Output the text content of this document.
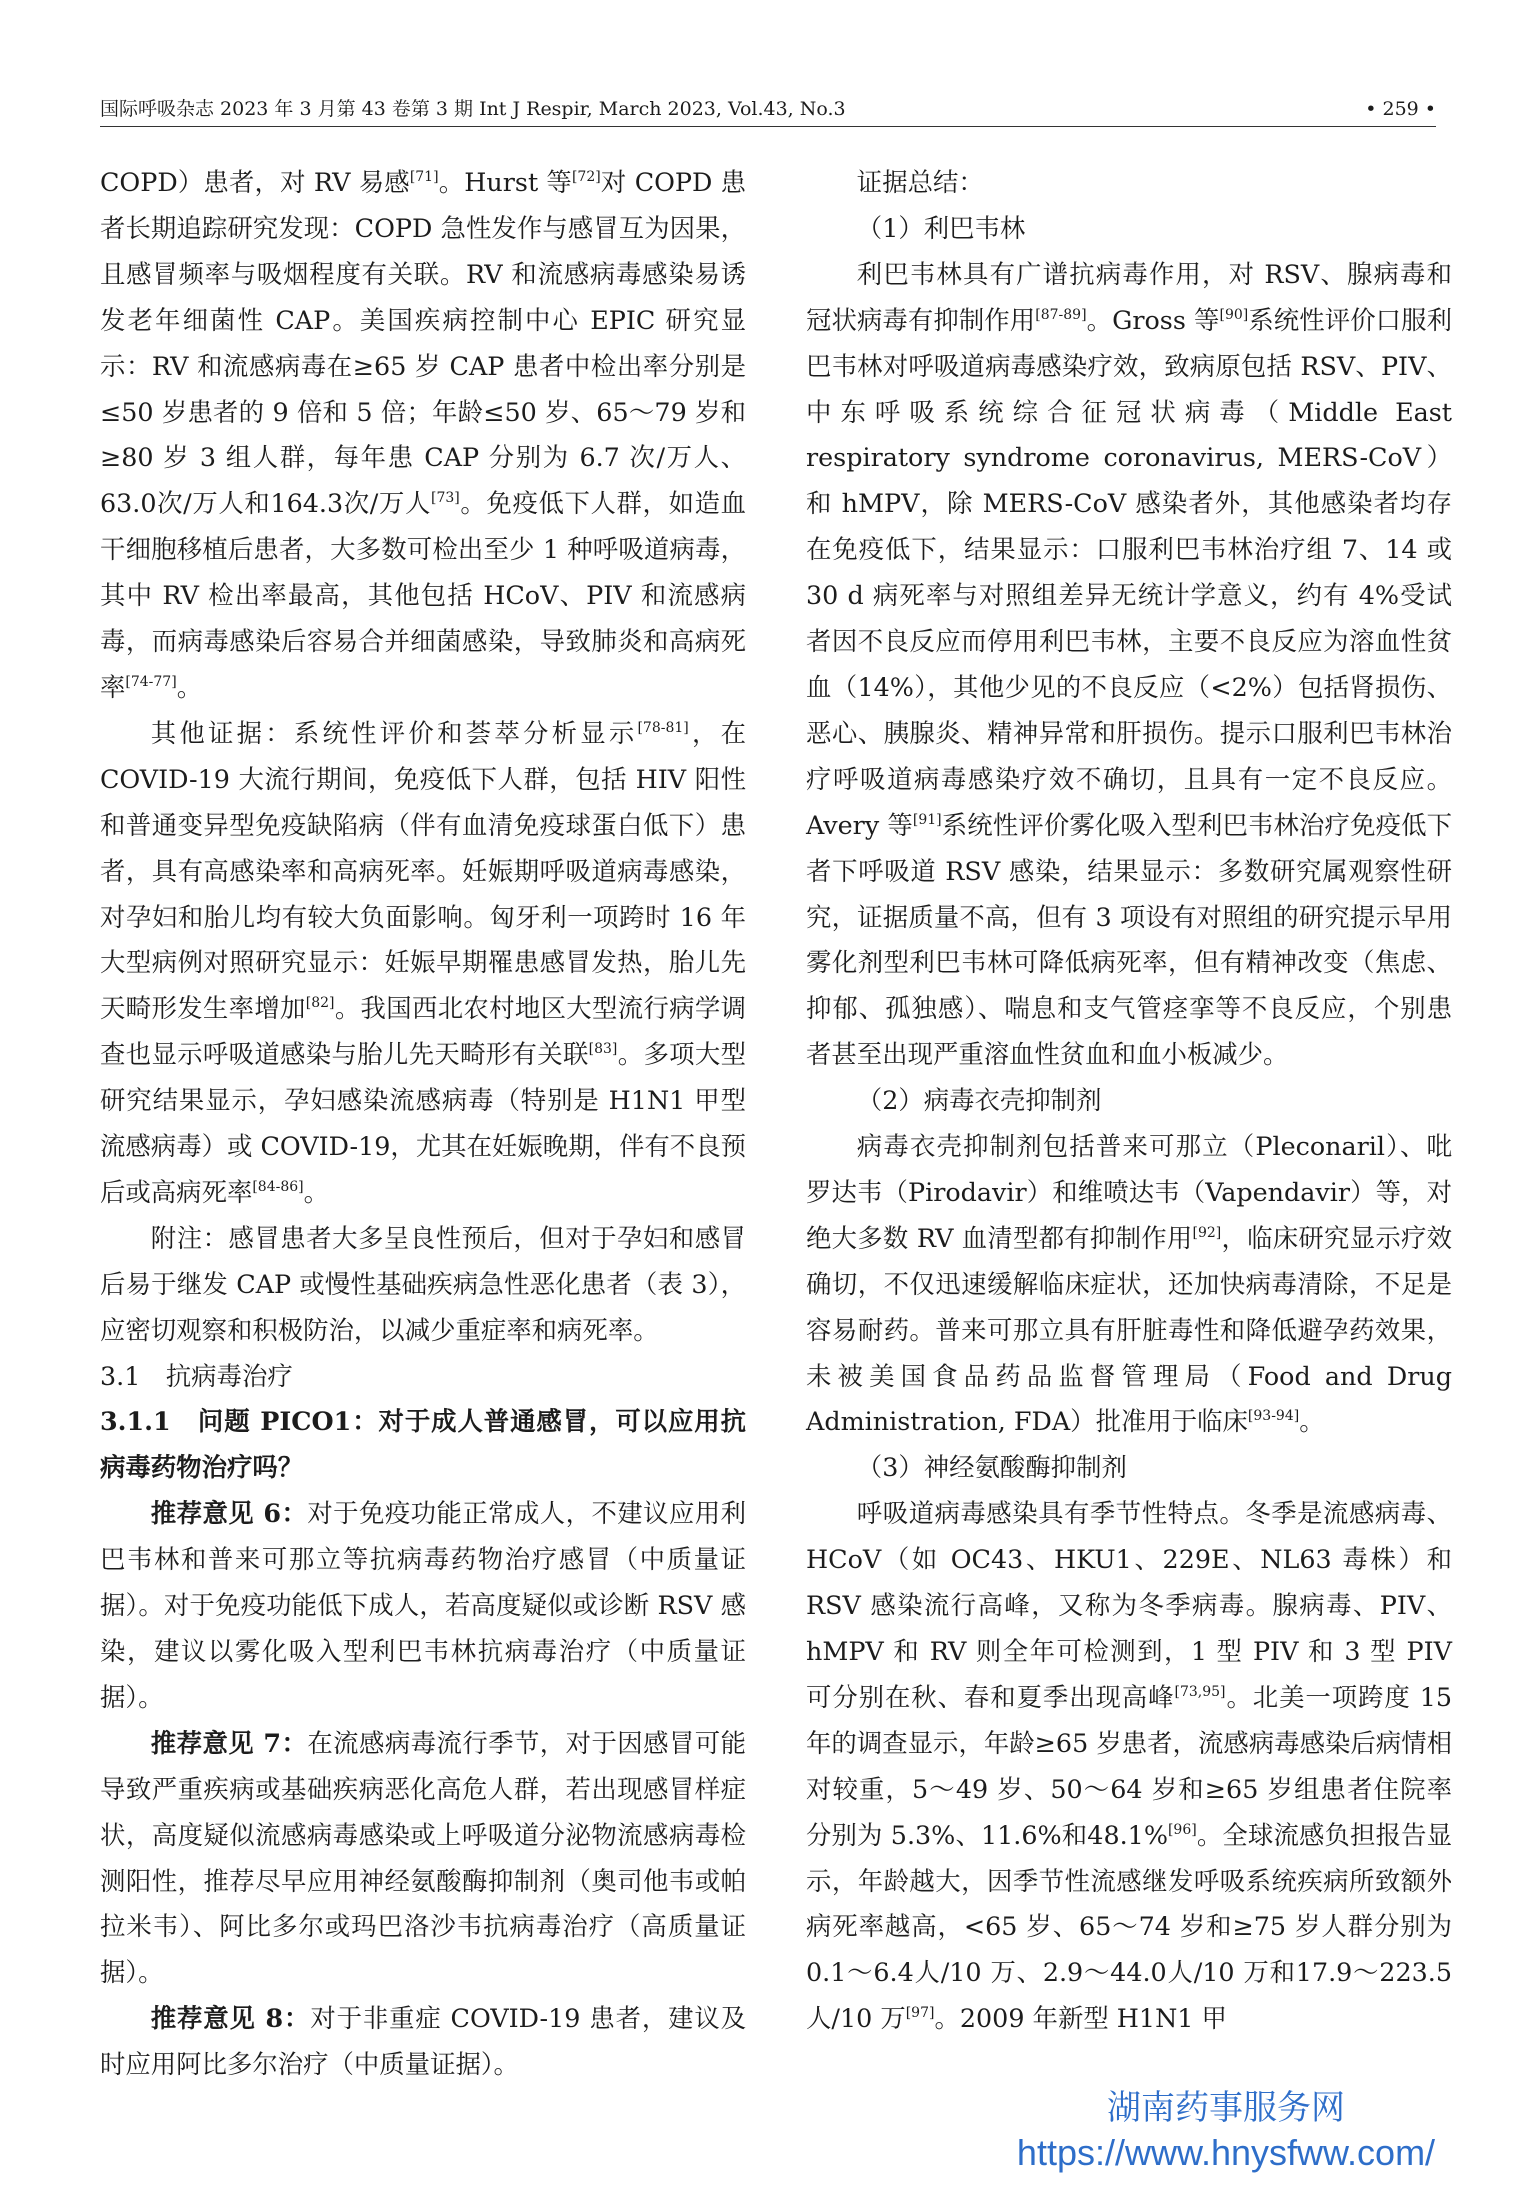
国际呼吸杂志 2023 年 3 月第 43 卷第 3 期 Int J Respir, March 2023, Vol.43, No.3	• 259 •

COPD）患者，对 RV 易感[71]。Hurst 等[72]对 COPD 患者长期追踪研究发现：COPD 急性发作与感冒互为因果，且感冒频率与吸烟程度有关联。RV 和流感病毒感染易诱发老年细菌性 CAP。美国疾病控制中心 EPIC 研究显示：RV 和流感病毒在≥65 岁 CAP 患者中检出率分别是≤50 岁患者的 9 倍和 5 倍；年龄≤50 岁、65～79 岁和≥80 岁 3 组人群，每年患 CAP 分别为 6.7 次/万人、63.0次/万人和164.3次/万人[73]。免疫低下人群，如造血干细胞移植后患者，大多数可检出至少 1 种呼吸道病毒，其中 RV 检出率最高，其他包括 HCoV、PIV 和流感病毒，而病毒感染后容易合并细菌感染，导致肺炎和高病死率[74-77]。

其他证据：系统性评价和荟萃分析显示[78-81]，在 COVID-19 大流行期间，免疫低下人群，包括 HIV 阳性和普通变异型免疫缺陷病（伴有血清免疫球蛋白低下）患者，具有高感染率和高病死率。妊娠期呼吸道病毒感染，对孕妇和胎儿均有较大负面影响。匈牙利一项跨时 16 年大型病例对照研究显示：妊娠早期罹患感冒发热，胎儿先天畸形发生率增加[82]。我国西北农村地区大型流行病学调查也显示呼吸道感染与胎儿先天畸形有关联[83]。多项大型研究结果显示，孕妇感染流感病毒（特别是 H1N1 甲型流感病毒）或 COVID-19，尤其在妊娠晚期，伴有不良预后或高病死率[84-86]。

附注：感冒患者大多呈良性预后，但对于孕妇和感冒后易于继发 CAP 或慢性基础疾病急性恶化患者（表 3），应密切观察和积极防治，以减少重症率和病死率。

3.1　抗病毒治疗

3.1.1　问题 PICO1：对于成人普通感冒，可以应用抗病毒药物治疗吗？

推荐意见 6：对于免疫功能正常成人，不建议应用利巴韦林和普来可那立等抗病毒药物治疗感冒（中质量证据）。对于免疫功能低下成人，若高度疑似或诊断 RSV 感染，建议以雾化吸入型利巴韦林抗病毒治疗（中质量证据）。

推荐意见 7：在流感病毒流行季节，对于因感冒可能导致严重疾病或基础疾病恶化高危人群，若出现感冒样症状，高度疑似流感病毒感染或上呼吸道分泌物流感病毒检测阳性，推荐尽早应用神经氨酸酶抑制剂（奥司他韦或帕拉米韦）、阿比多尔或玛巴洛沙韦抗病毒治疗（高质量证据）。

推荐意见 8：对于非重症 COVID-19 患者，建议及时应用阿比多尔治疗（中质量证据）。

证据总结：

（1）利巴韦林

利巴韦林具有广谱抗病毒作用，对 RSV、腺病毒和冠状病毒有抑制作用[87-89]。Gross 等[90]系统性评价口服利巴韦林对呼吸道病毒感染疗效，致病原包括 RSV、PIV、中东呼吸系统综合征冠状病毒（Middle East respiratory syndrome coronavirus, MERS-CoV）和 hMPV，除 MERS-CoV 感染者外，其他感染者均存在免疫低下，结果显示：口服利巴韦林治疗组 7、14 或 30 d 病死率与对照组差异无统计学意义，约有 4%受试者因不良反应而停用利巴韦林，主要不良反应为溶血性贫血（14%），其他少见的不良反应（<2%）包括肾损伤、恶心、胰腺炎、精神异常和肝损伤。提示口服利巴韦林治疗呼吸道病毒感染疗效不确切，且具有一定不良反应。Avery 等[91]系统性评价雾化吸入型利巴韦林治疗免疫低下者下呼吸道 RSV 感染，结果显示：多数研究属观察性研究，证据质量不高，但有 3 项设有对照组的研究提示早用雾化剂型利巴韦林可降低病死率，但有精神改变（焦虑、抑郁、孤独感）、喘息和支气管痉挛等不良反应，个别患者甚至出现严重溶血性贫血和血小板减少。

（2）病毒衣壳抑制剂

病毒衣壳抑制剂包括普来可那立（Pleconaril）、吡罗达韦（Pirodavir）和维喷达韦（Vapendavir）等，对绝大多数 RV 血清型都有抑制作用[92]，临床研究显示疗效确切，不仅迅速缓解临床症状，还加快病毒清除，不足是容易耐药。普来可那立具有肝脏毒性和降低避孕药效果，未被美国食品药品监督管理局（Food and Drug Administration, FDA）批准用于临床[93-94]。

（3）神经氨酸酶抑制剂

呼吸道病毒感染具有季节性特点。冬季是流感病毒、HCoV（如 OC43、HKU1、229E、NL63 毒株）和 RSV 感染流行高峰，又称为冬季病毒。腺病毒、PIV、hMPV 和 RV 则全年可检测到，1 型 PIV 和 3 型 PIV 可分别在秋、春和夏季出现高峰[73,95]。北美一项跨度 15 年的调查显示，年龄≥65 岁患者，流感病毒感染后病情相对较重，5～49 岁、50～64 岁和≥65 岁组患者住院率分别为 5.3%、11.6%和48.1%[96]。全球流感负担报告显示，年龄越大，因季节性流感继发呼吸系统疾病所致额外病死率越高，<65 岁、65～74 岁和≥75 岁人群分别为0.1～6.4人/10 万、2.9～44.0人/10 万和17.9～223.5人/10 万[97]。2009 年新型 H1N1 甲

湖南药事服务网
https://www.hnysfww.com/
